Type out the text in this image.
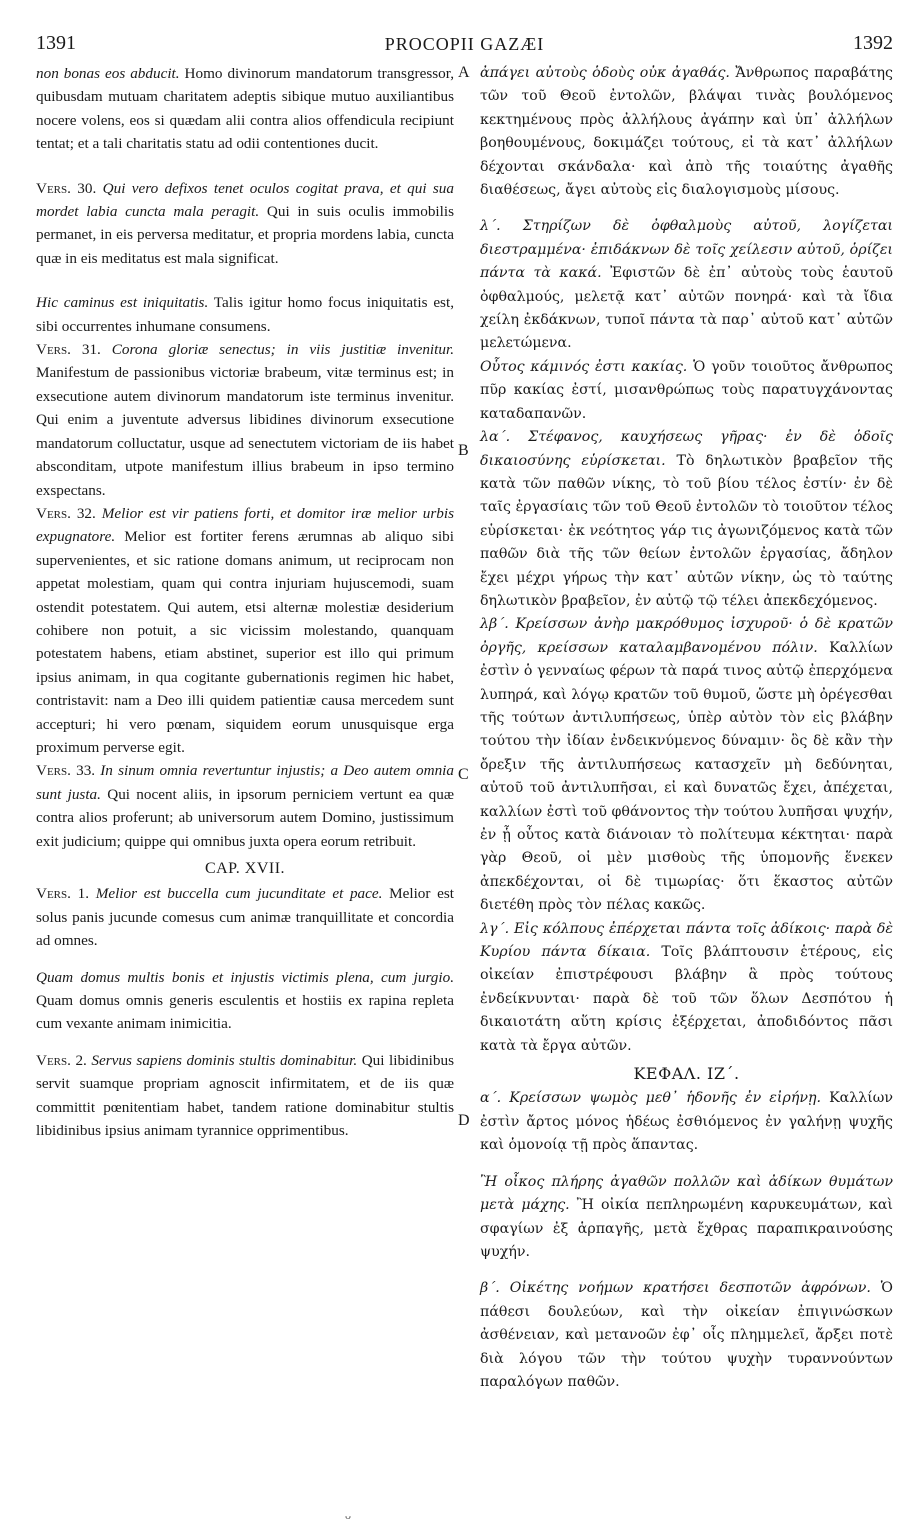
1391	PROCOPII GAZÆI	1392

non bonas eos abducit. Homo divinorum mandatorum transgressor, quibusdam mutuam charitatem adeptis sibique mutuo auxiliantibus nocere volens, eos si quædam alii contra alios offendicula recipiunt tentat; et a tali charitatis statu ad odii contentiones ducit.

Vers. 30. Qui vero defixos tenet oculos cogitat prava, et qui sua mordet labia cuncta mala peragit. Qui in suis oculis immobilis permanet, in eis perversa meditatur, et propria mordens labia, cuncta quæ in eis meditatus est mala significat.

Hic caminus est iniquitatis. Talis igitur homo focus iniquitatis est, sibi occurrentes inhumane consumens.

Vers. 31. Corona gloriæ senectus; in viis justitiæ invenitur. Manifestum de passionibus victoriæ brabeum, vitæ terminus est; in exsecutione autem divinorum mandatorum iste terminus invenitur. Qui enim a juventute adversus libidines divinorum exsecutione mandatorum colluctatur, usque ad senectutem victoriam de iis habet absconditam, utpote manifestum illius brabeum in ipso termino exspectans.

Vers. 32. Melior est vir patiens forti, et domitor iræ melior urbis expugnatore. Melior est fortiter ferens ærumnas ab aliquo sibi supervenientes, et sic ratione domans animum, ut reciprocam non appetat molestiam, quam qui contra injuriam hujuscemodi, suam ostendit potestatem. Qui autem, etsi alternæ molestiæ desiderium cohibere non potuit, a sic vicissim molestando, quanquam potestatem habens, etiam abstinet, superior est illo qui primum ipsius animam, in qua cogitante gubernationis regimen hic habet, contristavit: nam a Deo illi quidem patientiæ causa mercedem sunt accepturi; hi vero pœnam, siquidem eorum unusquisque erga proximum perverse egit.

Vers. 33. In sinum omnia revertuntur injustis; a Deo autem omnia sunt justa. Qui nocent aliis, in ipsorum perniciem vertunt ea quæ contra alios proferunt; ab universorum autem Domino, justissimum exit judicium; quippe qui omnibus juxta opera eorum retribuit.

CAP. XVII.

Vers. 1. Melior est buccella cum jucunditate et pace. Melior est solus panis jucunde comesus cum animæ tranquillitate et concordia ad omnes.

Quam domus multis bonis et injustis victimis plena, cum jurgio. Quam domus omnis generis esculentis et hostiis ex rapina repleta cum vexante animam inimicitia.

Vers. 2. Servus sapiens dominis stultis dominabitur. Qui libidinibus servit suamque propriam agnoscit infirmitatem, et de iis quæ committit pœnitentiam habet, tandem ratione dominabitur stultis libidinibus ipsius animam tyrannice opprimentibus.

A
B
C
D

ἀπάγει αὐτοὺς ὁδοὺς οὐκ ἀγαθάς. Ἄνθρωπος παραβάτης τῶν τοῦ Θεοῦ ἐντολῶν, βλάψαι τινὰς βουλόμενος κεκτημένους πρὸς ἀλλήλους ἀγάπην καὶ ὑπ᾽ ἀλλήλων βοηθουμένους, δοκιμάζει τούτους, εἰ τὰ κατ᾽ ἀλλήλων δέχονται σκάνδαλα· καὶ ἀπὸ τῆς τοιαύτης ἀγαθῆς διαθέσεως, ἄγει αὐτοὺς εἰς διαλογισμοὺς μίσους.

λ΄. Στηρίζων δὲ ὀφθαλμοὺς αὐτοῦ, λογίζεται διεστραμμένα· ἐπιδάκνων δὲ τοῖς χείλεσιν αὐτοῦ, ὁρίζει πάντα τὰ κακά. Ἐφιστῶν δὲ ἐπ᾽ αὐτοὺς τοὺς ἑαυτοῦ ὀφθαλμούς, μελετᾷ κατ᾽ αὐτῶν πονηρά· καὶ τὰ ἴδια χείλη ἐκδάκνων, τυποῖ πάντα τὰ παρ᾽ αὐτοῦ κατ᾽ αὐτῶν μελετώμενα.

Οὗτος κάμινός ἐστι κακίας. Ὁ γοῦν τοιοῦτος ἄνθρωπος πῦρ κακίας ἐστί, μισανθρώπως τοὺς παρατυγχάνοντας καταδαπανῶν.

λα΄. Στέφανος, καυχήσεως γῆρας· ἐν δὲ ὁδοῖς δικαιοσύνης εὑρίσκεται. Τὸ δηλωτικὸν βραβεῖον τῆς κατὰ τῶν παθῶν νίκης, τὸ τοῦ βίου τέλος ἐστίν· ἐν δὲ ταῖς ἐργασίαις τῶν τοῦ Θεοῦ ἐντολῶν τὸ τοιοῦτον τέλος εὑρίσκεται· ἐκ νεότητος γάρ τις ἀγωνιζόμενος κατὰ τῶν παθῶν διὰ τῆς τῶν θείων ἐντολῶν ἐργασίας, ἄδηλον ἔχει μέχρι γήρως τὴν κατ᾽ αὐτῶν νίκην, ὡς τὸ ταύτης δηλωτικὸν βραβεῖον, ἐν αὐτῷ τῷ τέλει ἀπεκδεχόμενος.

λβ΄. Κρείσσων ἀνὴρ μακρόθυμος ἰσχυροῦ· ὁ δὲ κρατῶν ὀργῆς, κρείσσων καταλαμβανομένου πόλιν. Καλλίων ἐστὶν ὁ γενναίως φέρων τὰ παρά τινος αὐτῷ ἐπερχόμενα λυπηρά, καὶ λόγῳ κρατῶν τοῦ θυμοῦ, ὥστε μὴ ὀρέγεσθαι τῆς τούτων ἀντιλυπήσεως, ὑπὲρ αὐτὸν τὸν εἰς βλάβην τούτου τὴν ἰδίαν ἐνδεικνύμενος δύναμιν· ὃς δὲ κἂν τὴν ὄρεξιν τῆς ἀντιλυπήσεως κατασχεῖν μὴ δεδύνηται, αὐτοῦ τοῦ ἀντιλυπῆσαι, εἰ καὶ δυνατῶς ἔχει, ἀπέχεται, καλλίων ἐστὶ τοῦ φθάνοντος τὴν τούτου λυπῆσαι ψυχήν, ἐν ᾗ οὗτος κατὰ διάνοιαν τὸ πολίτευμα κέκτηται· παρὰ γὰρ Θεοῦ, οἱ μὲν μισθοὺς τῆς ὑπομονῆς ἕνεκεν ἀπεκδέχονται, οἱ δὲ τιμωρίας· ὅτι ἕκαστος αὐτῶν διετέθη πρὸς τὸν πέλας κακῶς.

λγ΄. Εἰς κόλπους ἐπέρχεται πάντα τοῖς ἀδίκοις· παρὰ δὲ Κυρίου πάντα δίκαια. Τοῖς βλάπτουσιν ἑτέρους, εἰς οἰκείαν ἐπιστρέφουσι βλάβην ἃ πρὸς τούτους ἐνδείκνυνται· παρὰ δὲ τοῦ τῶν ὅλων Δεσπότου ἡ δικαιοτάτη αὕτη κρίσις ἐξέρχεται, ἀποδιδόντος πᾶσι κατὰ τὰ ἔργα αὐτῶν.

ΚΕΦΑΛ. ΙΖ΄.

α΄. Κρείσσων ψωμὸς μεθ᾽ ἡδονῆς ἐν εἰρήνῃ. Καλλίων ἐστὶν ἄρτος μόνος ἡδέως ἐσθιόμενος ἐν γαλήνῃ ψυχῆς καὶ ὁμονοίᾳ τῇ πρὸς ἅπαντας.

Ἢ οἶκος πλήρης ἀγαθῶν πολλῶν καὶ ἀδίκων θυμάτων μετὰ μάχης. Ἢ οἰκία πεπληρωμένη καρυκευμάτων, καὶ σφαγίων ἐξ ἁρπαγῆς, μετὰ ἔχθρας παραπικραινούσης ψυχήν.

β΄. Οἰκέτης νοήμων κρατήσει δεσποτῶν ἀφρόνων. Ὁ πάθεσι δουλεύων, καὶ τὴν οἰκείαν ἐπιγινώσκων ἀσθένειαν, καὶ μετανοῶν ἐφ᾽ οἷς πλημμελεῖ, ἄρξει ποτὲ διὰ λόγου τῶν τὴν τούτου ψυχὴν τυραννούντων παραλόγων παθῶν.

ᴗ
